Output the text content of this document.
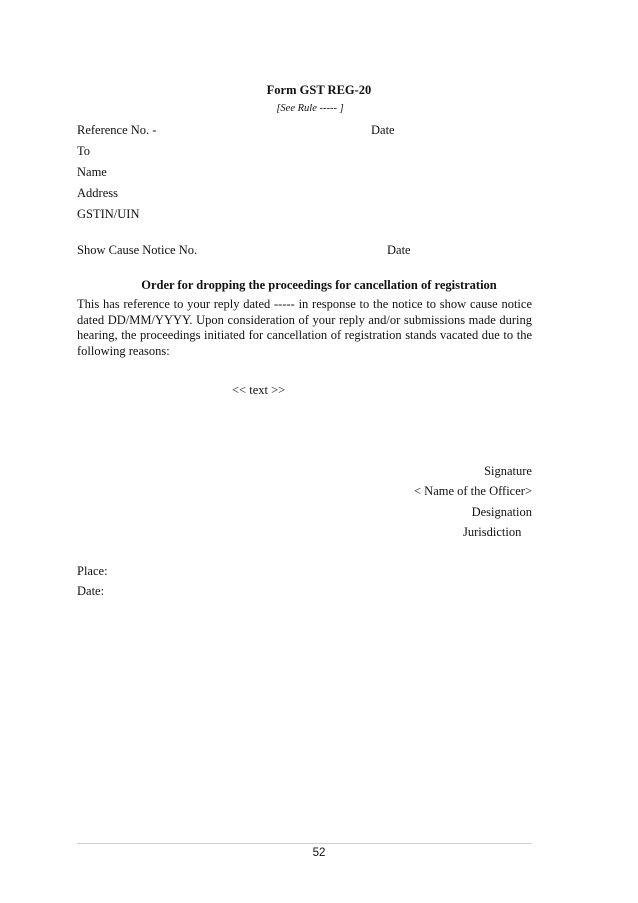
Form GST REG-20
[See Rule ----- ]
Reference No. -	Date
To
Name
Address
GSTIN/UIN
Show Cause Notice No.	Date
Order for dropping the proceedings for cancellation of registration
This has reference to your reply dated ----- in response to the notice to show cause notice dated DD/MM/YYYY. Upon consideration of your reply and/or submissions made during hearing, the proceedings initiated for cancellation of registration stands vacated due to the following reasons:
<< text >>
Signature
< Name of the Officer>
Designation
Jurisdiction
Place:
Date:
52
